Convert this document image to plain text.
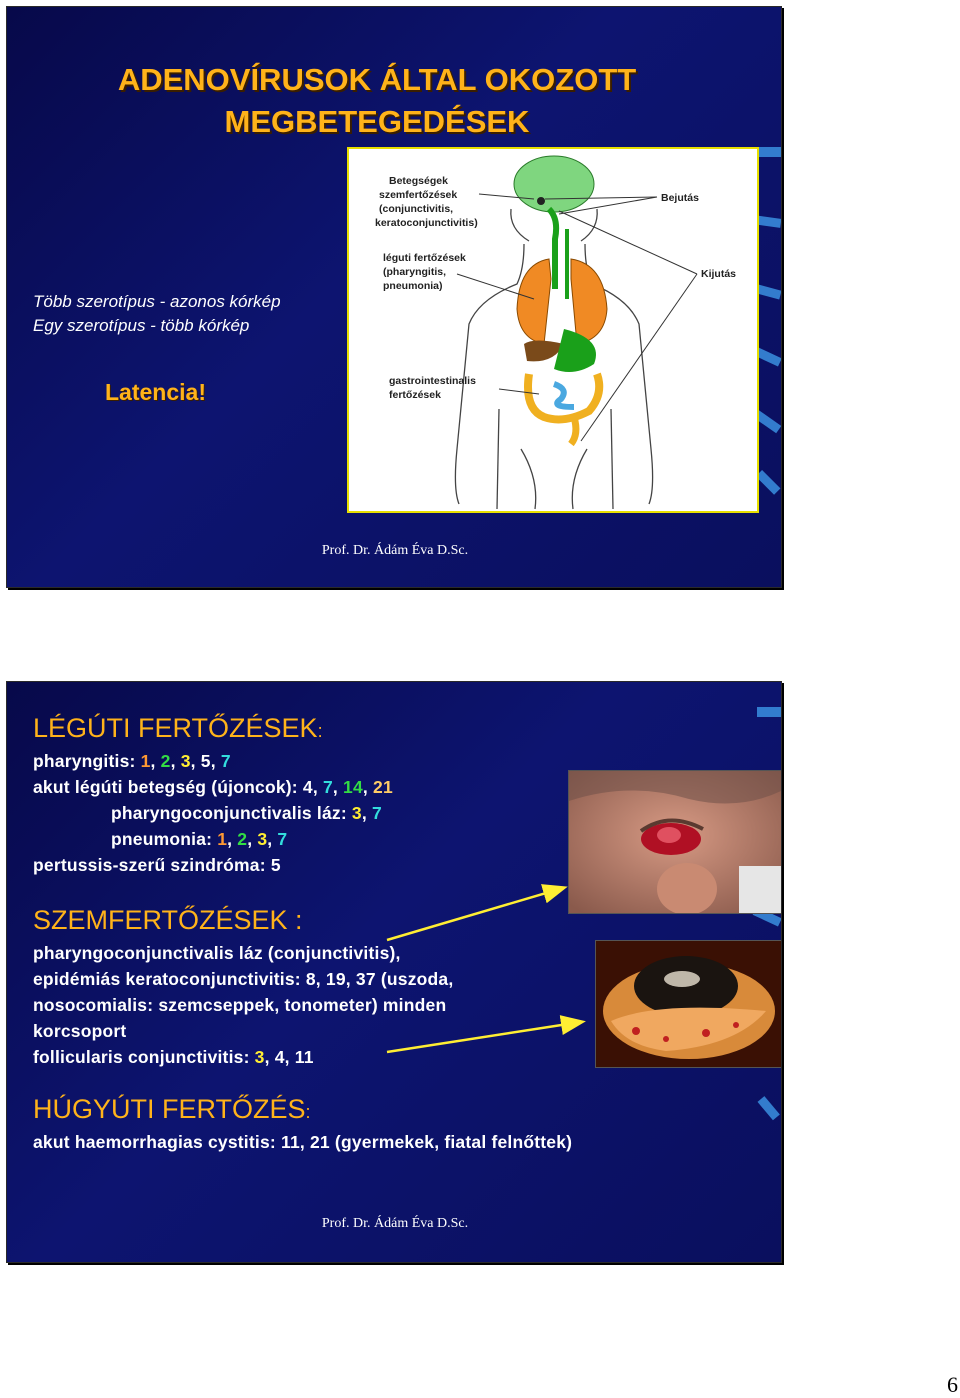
ADENOVÍRUSOK ÁLTAL OKOZOTT
MEGBETEGEDÉSEK
Több szerotípus - azonos kórkép
Egy szerotípus - több kórkép
Latencia!
Betegségek
szemfertőzések
(conjunctivitis,
keratoconjunctivitis)
léguti fertőzések
(pharyngitis,
pneumonia)
gastrointestinalis
fertőzések
Bejutás
Kijutás
Prof. Dr. Ádám Éva D.Sc.
LÉGÚTI FERTŐZÉSEK:
pharyngitis: 1, 2, 3, 5, 7
akut légúti betegség (újoncok): 4, 7, 14, 21
pharyngoconjunctivalis láz: 3, 7
pneumonia: 1, 2, 3, 7
pertussis-szerű szindróma: 5
SZEMFERTŐZÉSEK :
pharyngoconjunctivalis láz (conjunctivitis),
epidémiás keratoconjunctivitis: 8, 19, 37 (uszoda,
nosocomialis: szemcseppek, tonometer) minden
korcsoport
follicularis conjunctivitis: 3, 4, 11
HÚGYÚTI FERTŐZÉS:
akut haemorrhagias cystitis: 11, 21 (gyermekek, fiatal felnőttek)
Prof. Dr. Ádám Éva D.Sc.
6
